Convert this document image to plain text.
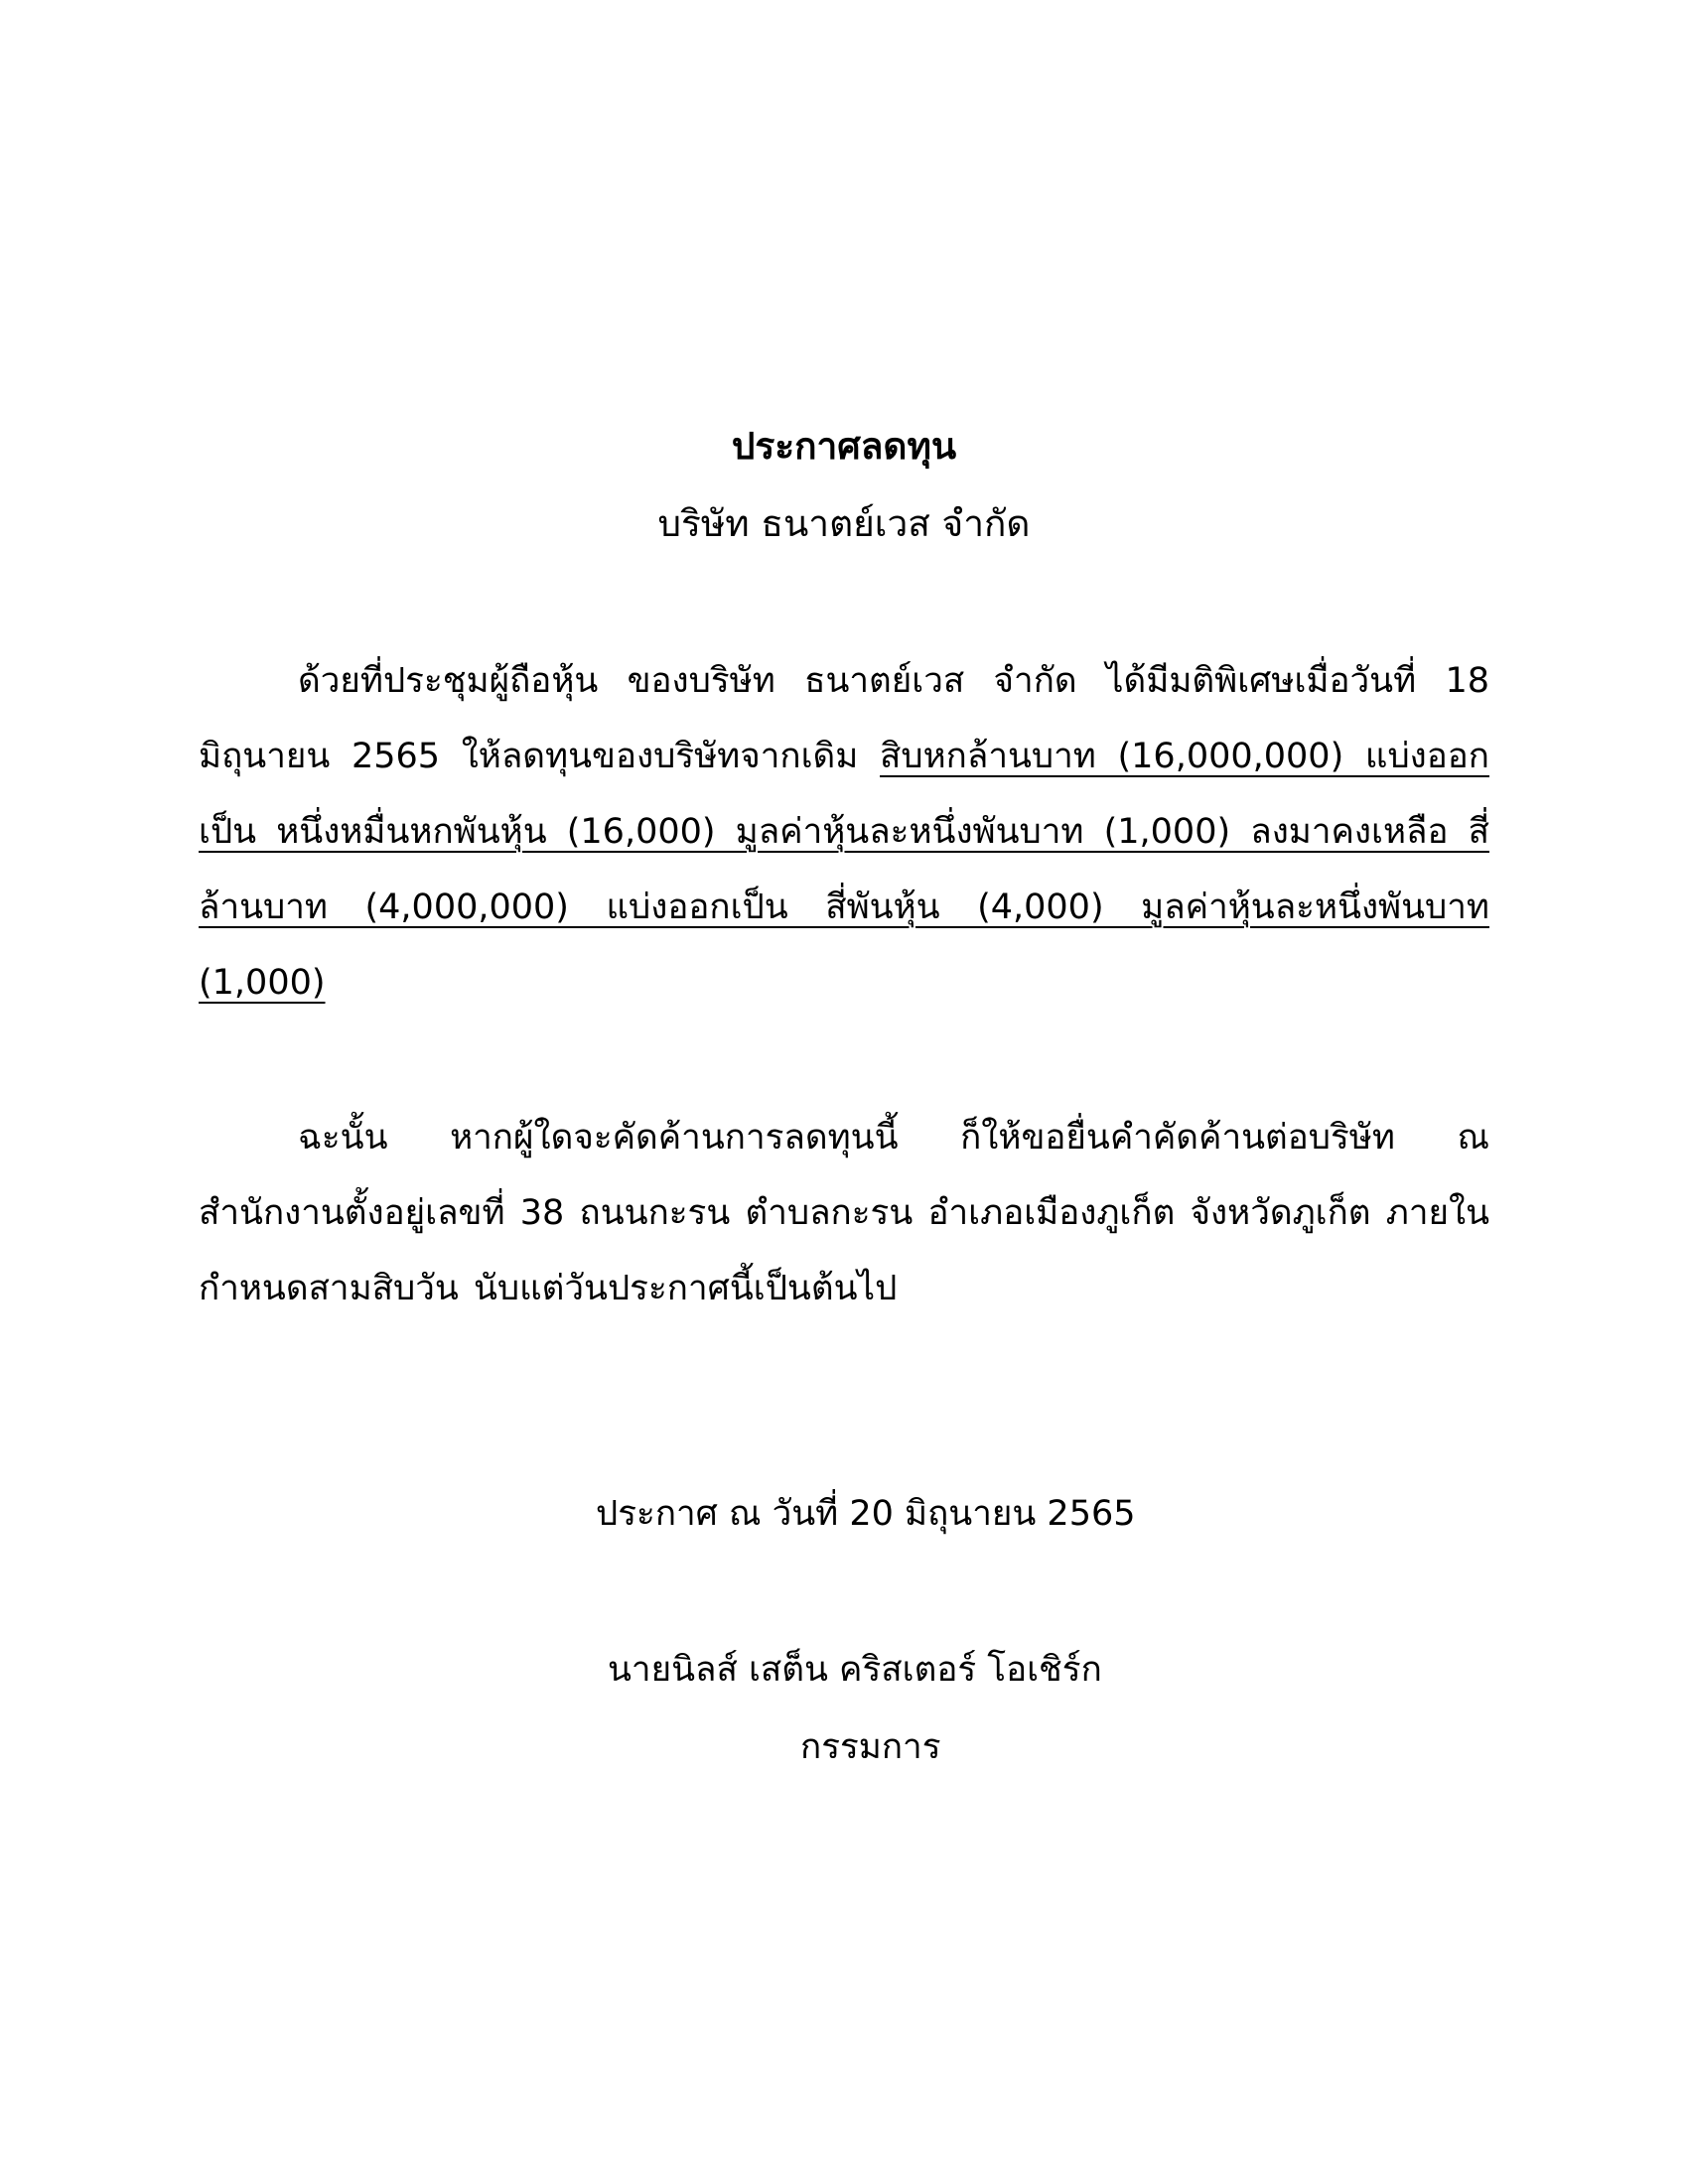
ประกาศลดทุน

บริษัท ธนาตย์เวส จำกัด

ด้วยที่ประชุมผู้ถือหุ้น ของบริษัท ธนาตย์เวส จำกัด ได้มีมติพิเศษเมื่อวันที่ 18 มิถุนายน 2565 ให้ลดทุนของบริษัทจากเดิม สิบหกล้านบาท (16,000,000) แบ่งออกเป็น หนึ่งหมื่นหกพันหุ้น (16,000) มูลค่าหุ้นละหนึ่งพันบาท (1,000) ลงมาคงเหลือ สี่ล้านบาท (4,000,000) แบ่งออกเป็น สี่พันหุ้น (4,000) มูลค่าหุ้นละหนึ่งพันบาท (1,000)

ฉะนั้น หากผู้ใดจะคัดค้านการลดทุนนี้ ก็ให้ขอยื่นคำคัดค้านต่อบริษัท ณ สำนักงานตั้งอยู่เลขที่ 38 ถนนกะรน ตำบลกะรน อำเภอเมืองภูเก็ต จังหวัดภูเก็ต ภายในกำหนดสามสิบวัน นับแต่วันประกาศนี้เป็นต้นไป

ประกาศ ณ วันที่ 20 มิถุนายน 2565

นายนิลส์ เสต็น คริสเตอร์ โอเชิร์ก

กรรมการ
